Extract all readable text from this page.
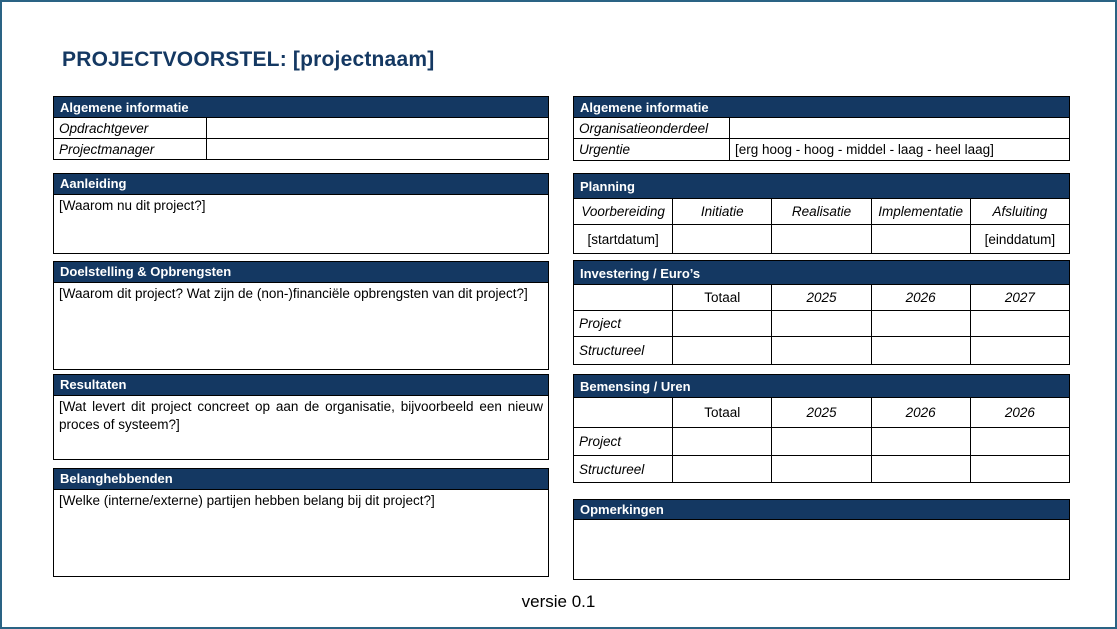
PROJECTVOORSTEL: [projectnaam]
Algemene informatie	
Opdrachtgever	
Projectmanager	
Aanleiding

[Waarom nu dit project?]

Doelstelling & Opbrengsten

[Waarom dit project? Wat zijn de (non-)financiële opbrengsten van dit project?]

Resultaten

[Wat levert dit project concreet op aan de organisatie, bijvoorbeeld een nieuw proces of systeem?]

Belanghebbenden

[Welke (interne/externe) partijen hebben belang bij dit project?]

Algemene informatie	
Organisatieonderdeel	
Urgentie	[erg hoog - hoog - middel - laag - heel laag]
Planning				
Voorbereiding	Initiatie	Realisatie	Implementatie	Afsluiting
[startdatum]				[einddatum]
Investering / Euro’s				
	Totaal	2025	2026	2027
Project				
Structureel				
Bemensing / Uren				
	Totaal	2025	2026	2026
Project				
Structureel				
Opmerkingen
versie 0.1
